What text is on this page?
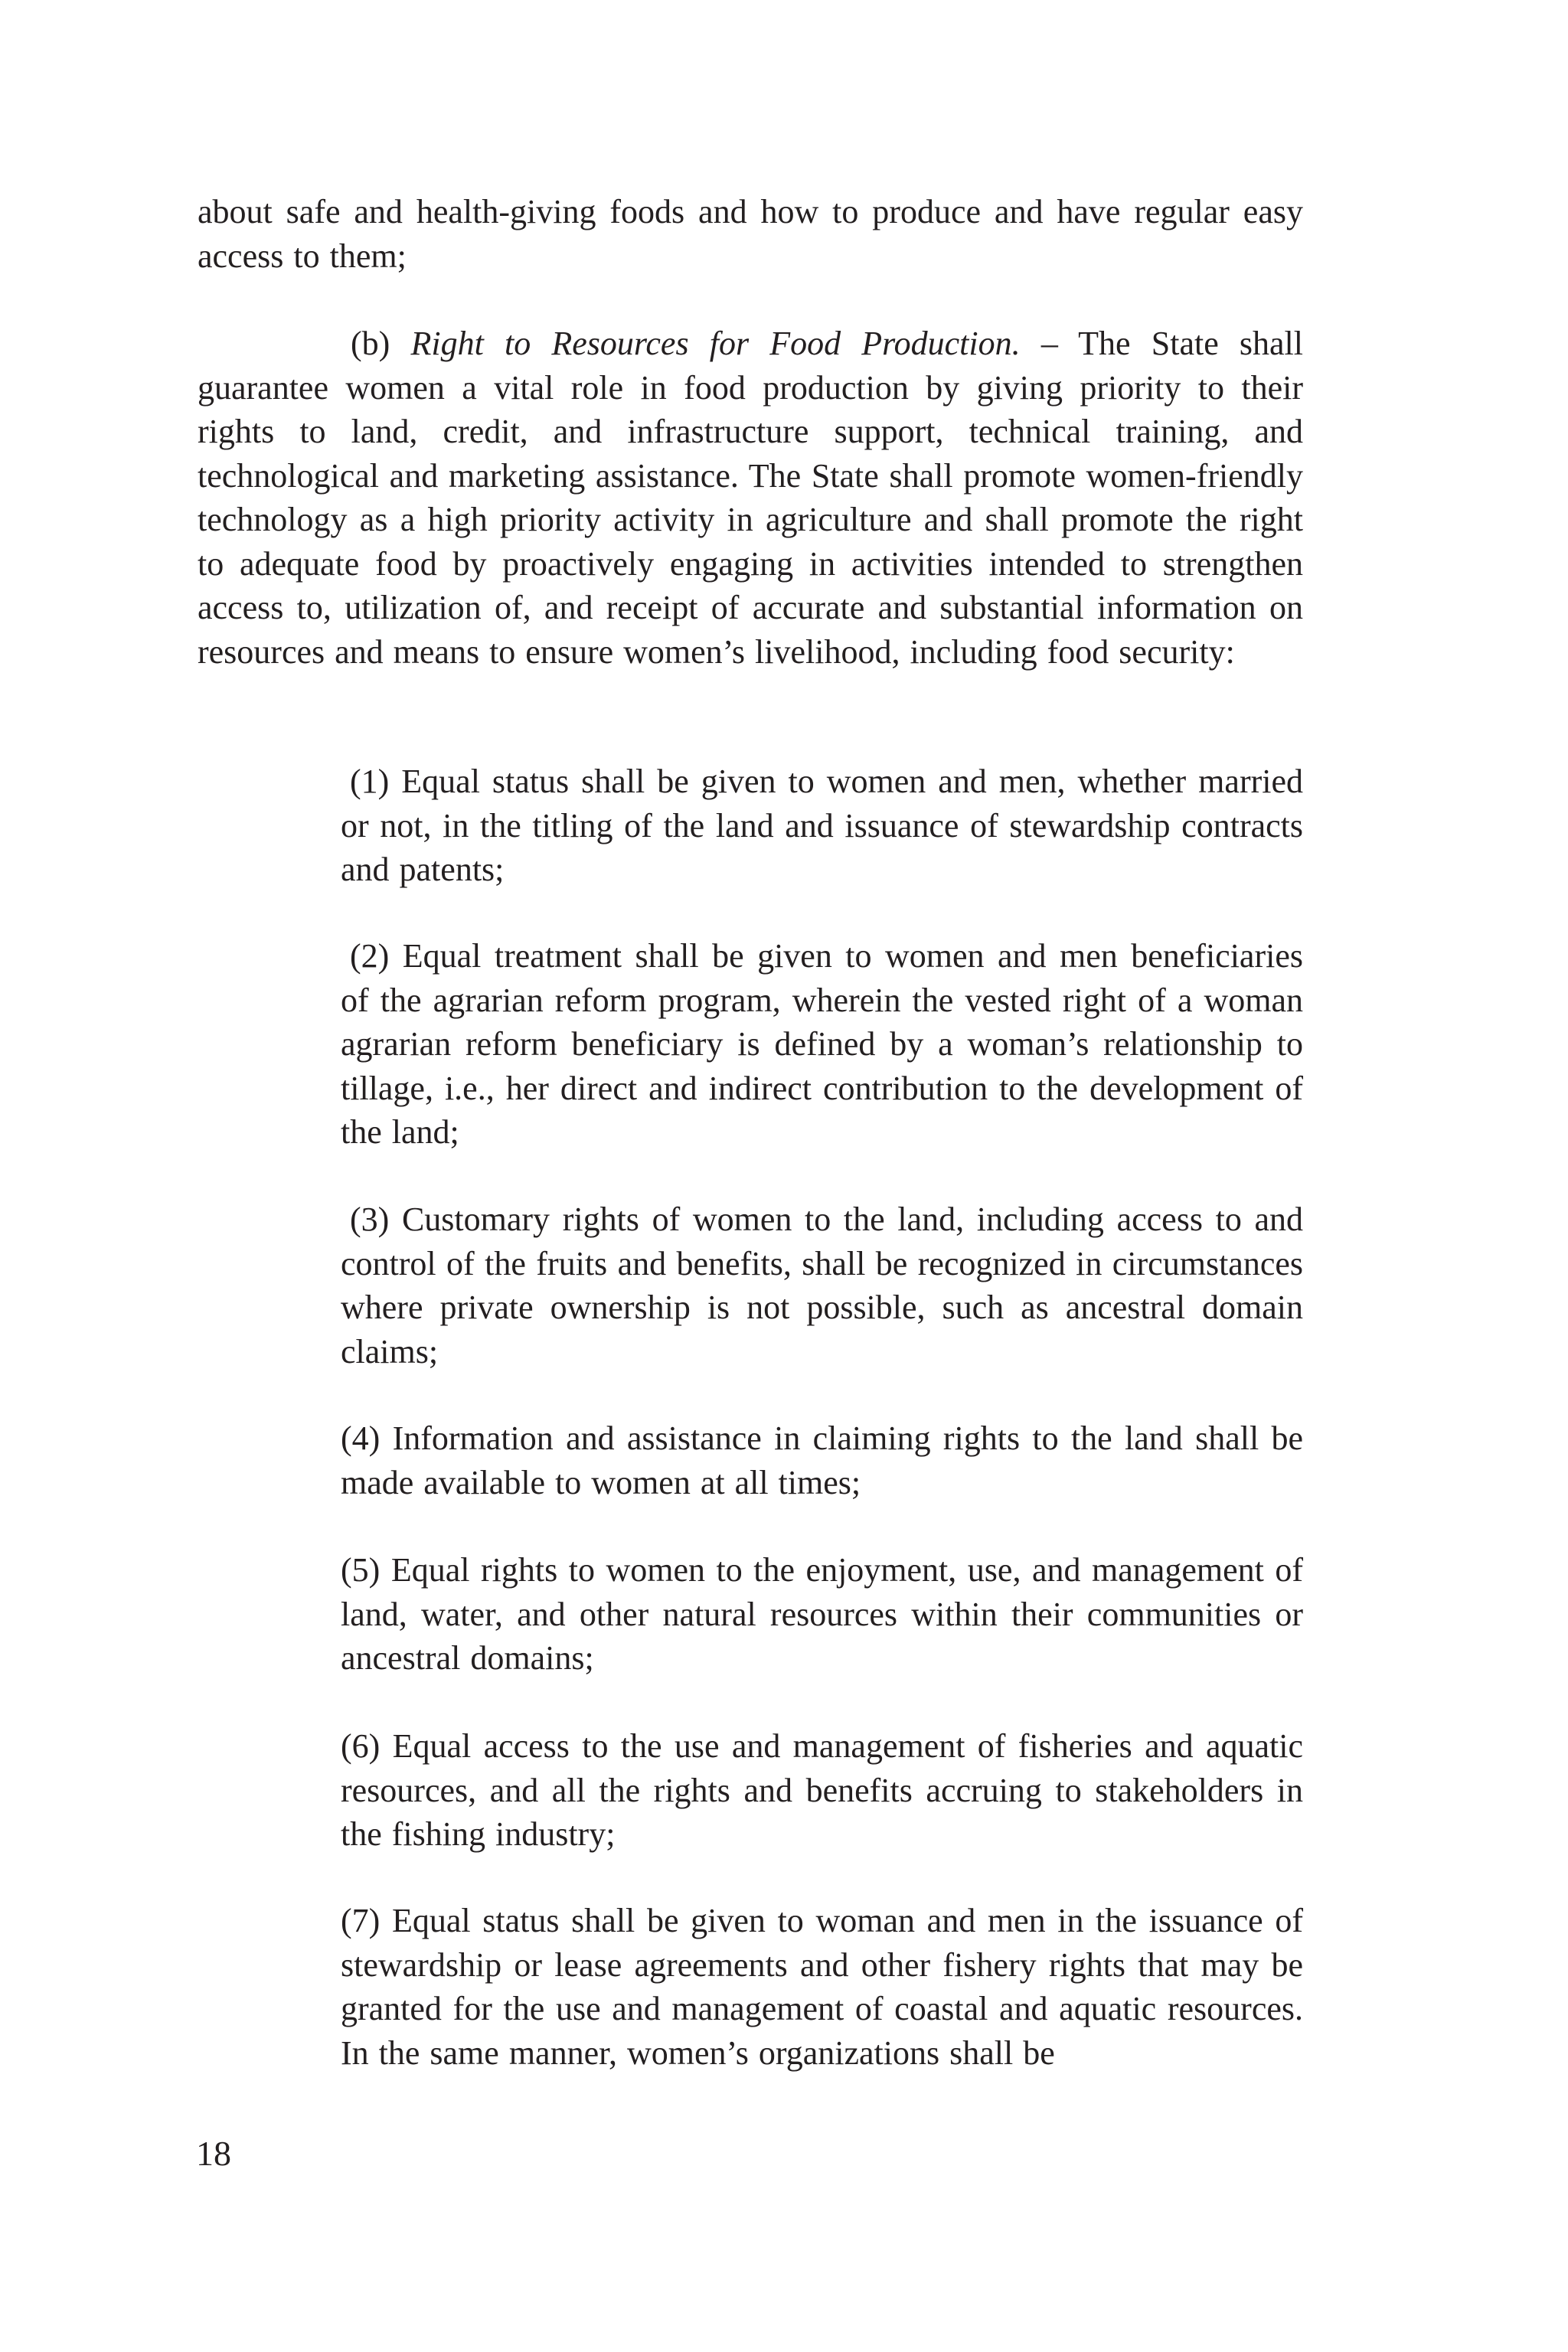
about safe and health-giving foods and how to produce and have regular easy access to them;

(b) Right to Resources for Food Production. – The State shall guarantee women a vital role in food production by giving priority to their rights to land, credit, and infrastructure support, technical training, and technological and marketing assistance. The State shall promote women-friendly technology as a high priority activity in agriculture and shall promote the right to adequate food by proactively engaging in activities intended to strengthen access to, utilization of, and receipt of accurate and substantial information on resources and means to ensure women’s livelihood, including food security:

(1) Equal status shall be given to women and men, whether married or not, in the titling of the land and issuance of stewardship contracts and patents;

(2) Equal treatment shall be given to women and men beneficiaries of the agrarian reform program, wherein the vested right of a woman agrarian reform beneficiary is defined by a woman’s relationship to tillage, i.e., her direct and indirect contribution to the development of the land;

(3) Customary rights of women to the land, including access to and control of the fruits and benefits, shall be recognized in circumstances where private ownership is not possible, such as ancestral domain claims;

(4) Information and assistance in claiming rights to the land shall be made available to women at all times;

(5) Equal rights to women to the enjoyment, use, and management of land, water, and other natural resources within their communities or ancestral domains;

(6) Equal access to the use and management of fisheries and aquatic resources, and all the rights and benefits accruing to stakeholders in the fishing industry;

(7) Equal status shall be given to woman and men in the issuance of stewardship or lease agreements and other fishery rights that may be granted for the use and management of coastal and aquatic resources. In the same manner, women’s organizations shall be

18
